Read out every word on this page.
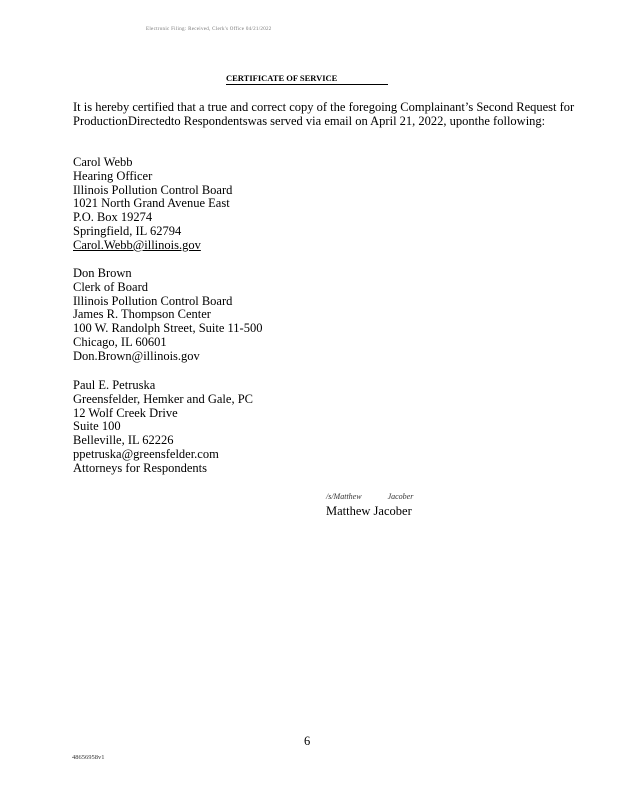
Electronic Filing: Received, Clerk's Office 04/21/2022
CERTIFICATE OF SERVICE
It is hereby certified that a true and correct copy of the foregoing Complainant’s Second Request for ProductionDirectedto Respondentswas served via email on April 21, 2022, uponthe following:
Carol Webb
Hearing Officer
Illinois Pollution Control Board
1021 North Grand Avenue East
P.O. Box 19274
Springfield, IL 62794
Carol.Webb@illinois.gov
Don Brown
Clerk of Board
Illinois Pollution Control Board
James R. Thompson Center
100 W. Randolph Street, Suite 11-500
Chicago, IL 60601
Don.Brown@illinois.gov
Paul E. Petruska
Greensfelder, Hemker and Gale, PC
12 Wolf Creek Drive
Suite 100
Belleville, IL 62226
ppetruska@greensfelder.com
Attorneys for Respondents
/s/Matthew	Jacober
Matthew Jacober
6
48656958v1
